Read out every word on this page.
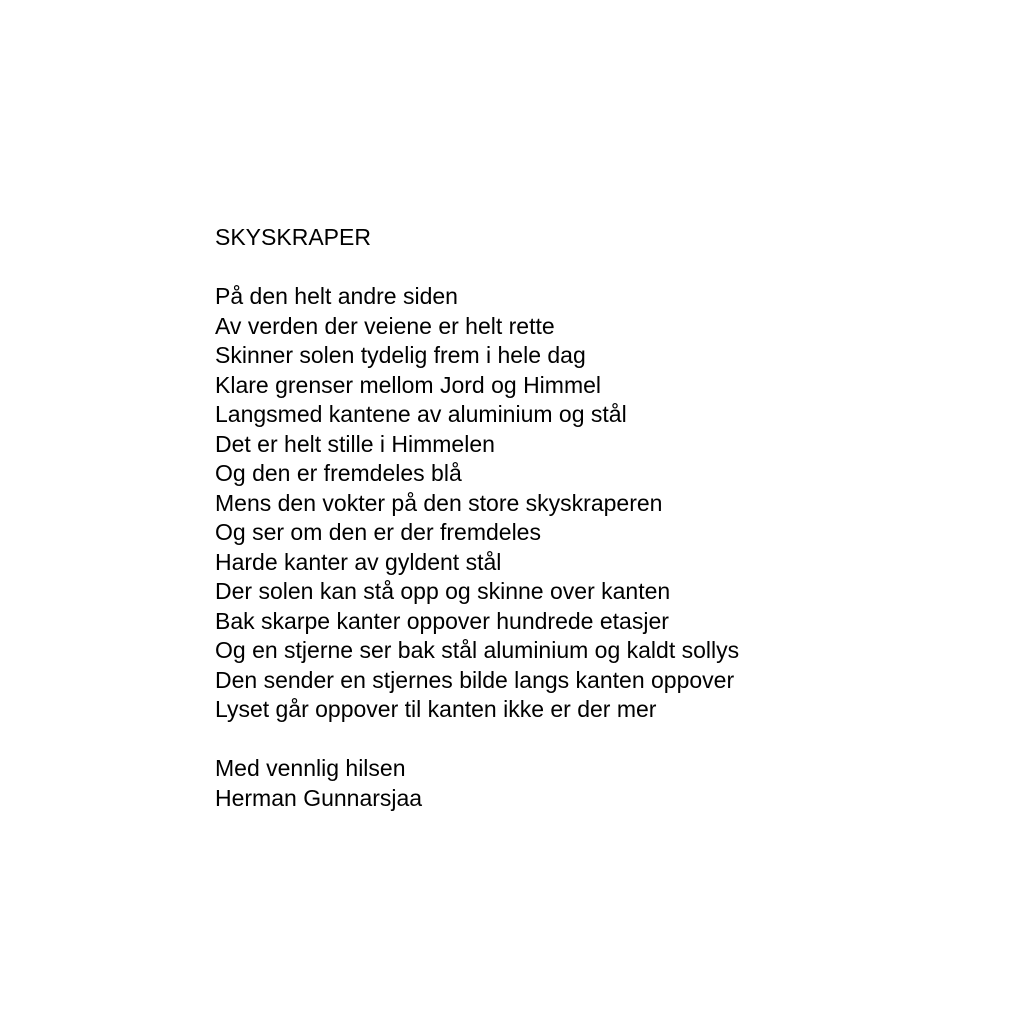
SKYSKRAPER
På den helt andre siden
Av verden der veiene er helt rette
Skinner solen tydelig frem i hele dag
Klare grenser mellom Jord og Himmel
Langsmed kantene av aluminium og stål
Det er helt stille i Himmelen
Og den er fremdeles blå
Mens den vokter på den store skyskraperen
Og ser om den er der fremdeles
Harde kanter av gyldent stål
Der solen kan stå opp og skinne over kanten
Bak skarpe kanter oppover hundrede etasjer
Og en stjerne ser bak stål aluminium og kaldt sollys
Den sender en stjernes bilde langs kanten oppover
Lyset går oppover til kanten ikke er der mer
Med vennlig hilsen
Herman Gunnarsjaa
